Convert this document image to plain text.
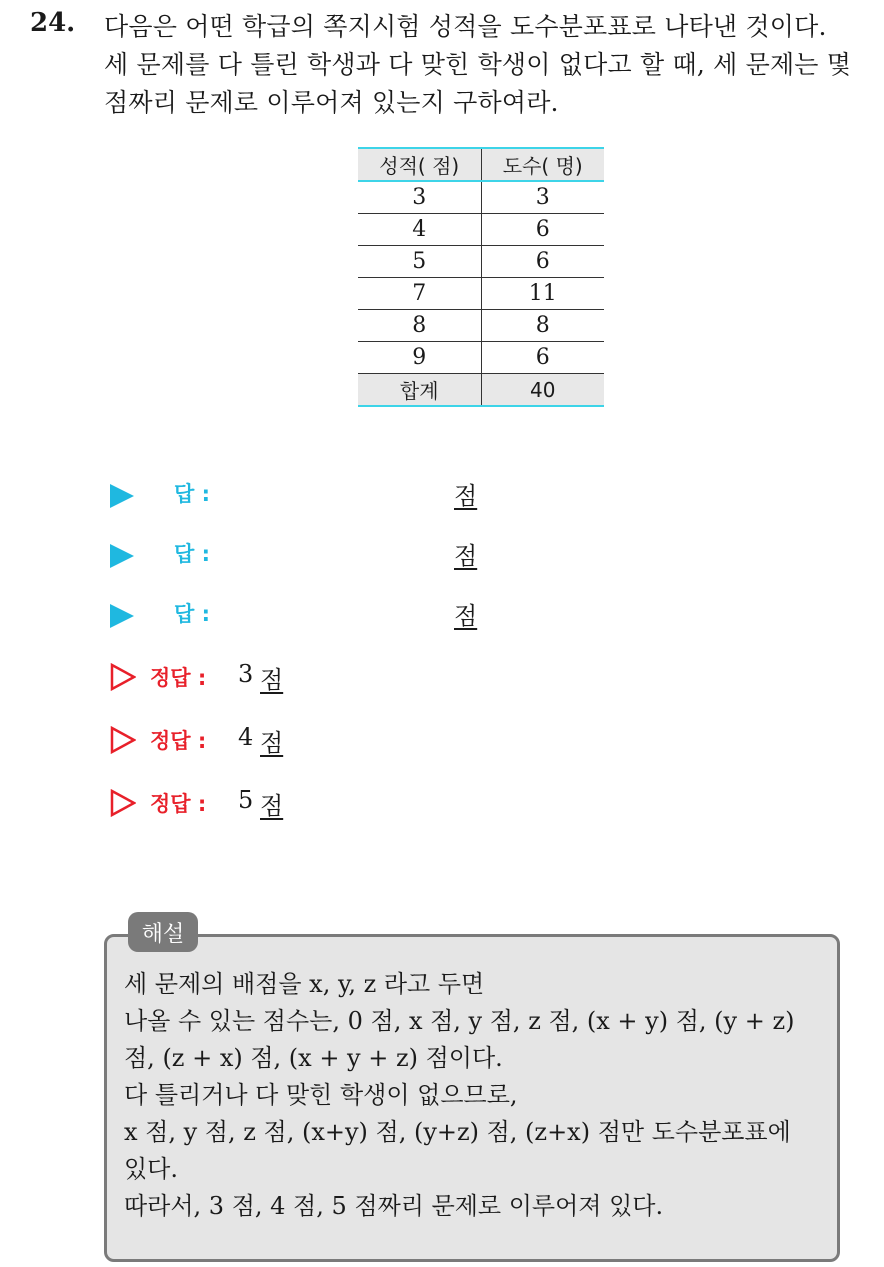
24. 다음은 어떤 학급의 쪽지시험 성적을 도수분포표로 나타낸 것이다.
세 문제를 다 틀린 학생과 다 맞힌 학생이 없다고 할 때, 세 문제는 몇
점짜리 문제로 이루어져 있는지 구하여라.
성적( 점)	도수( 명)
3	3
4	6
5	6
7	11
8	8
9	6
합계	40
답 :	점
답 :	점
답 :	점
정답 : 3 점
정답 : 4 점
정답 : 5 점
해설
세 문제의 배점을 x, y, z 라고 두면
나올 수 있는 점수는, 0 점, x 점, y 점, z 점, (x + y) 점, (y + z)
점, (z + x) 점, (x + y + z) 점이다.
다 틀리거나 다 맞힌 학생이 없으므로,
x 점, y 점, z 점, (x+y) 점, (y+z) 점, (z+x) 점만 도수분포표에
있다.
따라서, 3 점, 4 점, 5 점짜리 문제로 이루어져 있다.
